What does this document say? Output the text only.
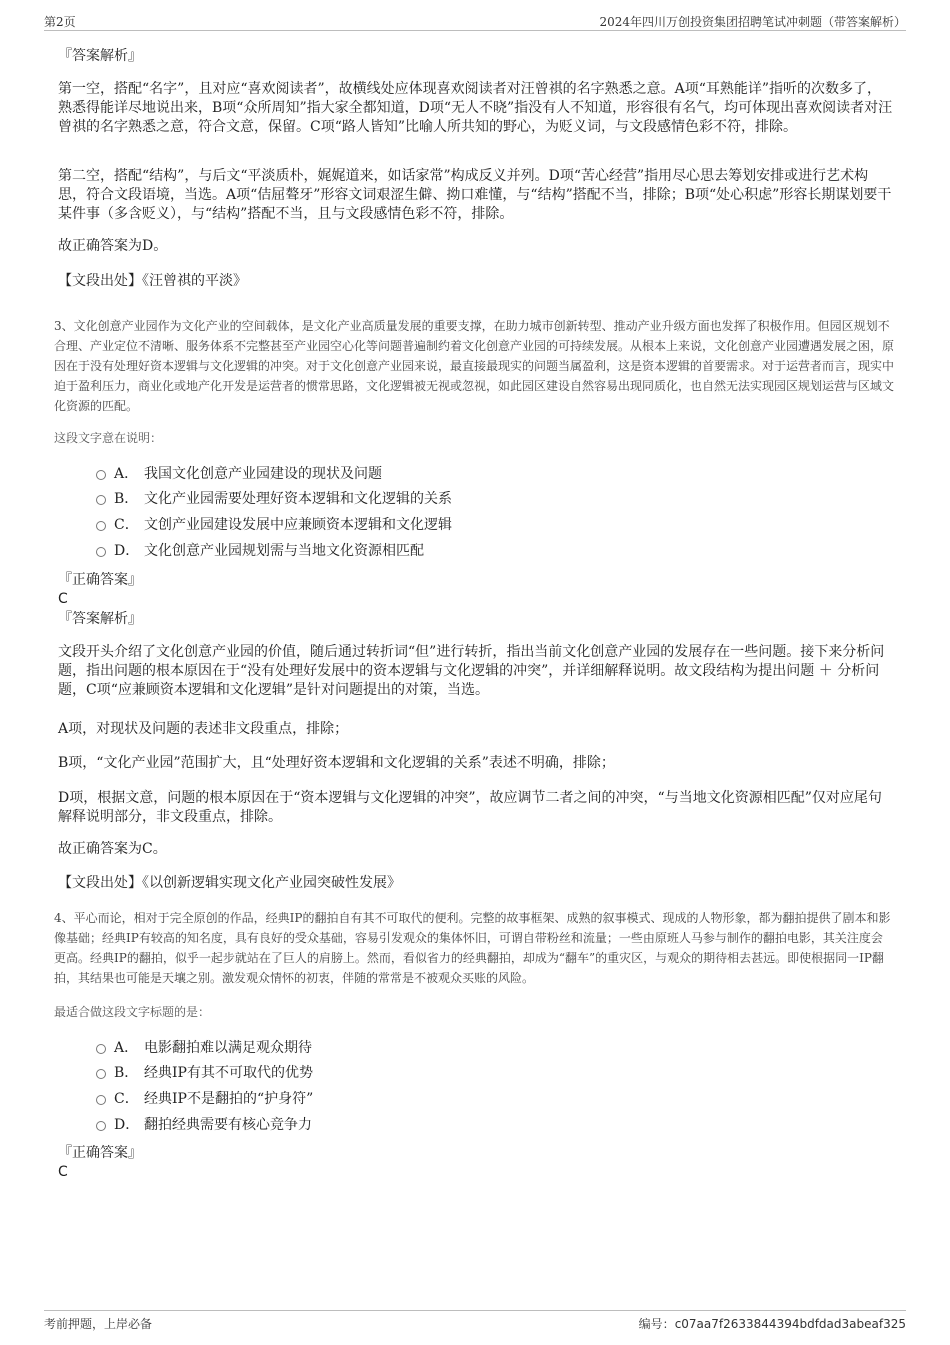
第2页	2024年四川万创投资集团招聘笔试冲刺题（带答案解析）
『答案解析』

第一空，搭配“名字”，且对应“喜欢阅读者”，故横线处应体现喜欢阅读者对汪曾祺的名字熟悉之意。A项“耳熟能详”指听的次数多了，熟悉得能详尽地说出来，B项“众所周知”指大家全都知道，D项“无人不晓”指没有人不知道，形容很有名气，均可体现出喜欢阅读者对汪曾祺的名字熟悉之意，符合文意，保留。C项“路人皆知”比喻人所共知的野心，为贬义词，与文段感情色彩不符，排除。

第二空，搭配“结构”，与后文“平淡质朴，娓娓道来，如话家常”构成反义并列。D项“苦心经营”指用尽心思去筹划安排或进行艺术构思，符合文段语境，当选。A项“佶屈聱牙”形容文词艰涩生僻、拗口难懂，与“结构”搭配不当，排除；B项“处心积虑”形容长期谋划要干某件事（多含贬义），与“结构”搭配不当，且与文段感情色彩不符，排除。

故正确答案为D。

【文段出处】《汪曾祺的平淡》
3、文化创意产业园作为文化产业的空间载体，是文化产业高质量发展的重要支撑，在助力城市创新转型、推动产业升级方面也发挥了积极作用。但园区规划不合理、产业定位不清晰、服务体系不完整甚至产业园空心化等问题普遍制约着文化创意产业园的可持续发展。从根本上来说，文化创意产业园遭遇发展之困，原因在于没有处理好资本逻辑与文化逻辑的冲突。对于文化创意产业园来说，最直接最现实的问题当属盈利，这是资本逻辑的首要需求。对于运营者而言，现实中迫于盈利压力，商业化或地产化开发是运营者的惯常思路，文化逻辑被无视或忽视，如此园区建设自然容易出现同质化，也自然无法实现园区规划运营与区域文化资源的匹配。
这段文字意在说明：
A． 我国文化创意产业园建设的现状及问题
B． 文化产业园需要处理好资本逻辑和文化逻辑的关系
C． 文创产业园建设发展中应兼顾资本逻辑和文化逻辑
D． 文化创意产业园规划需与当地文化资源相匹配
『正确答案』
C
『答案解析』

文段开头介绍了文化创意产业园的价值，随后通过转折词“但”进行转折，指出当前文化创意产业园的发展存在一些问题。接下来分析问题，指出问题的根本原因在于“没有处理好发展中的资本逻辑与文化逻辑的冲突”，并详细解释说明。故文段结构为提出问题 ＋ 分析问题，C项“应兼顾资本逻辑和文化逻辑”是针对问题提出的对策，当选。

A项，对现状及问题的表述非文段重点，排除；

B项，“文化产业园”范围扩大，且“处理好资本逻辑和文化逻辑的关系”表述不明确，排除；

D项，根据文意，问题的根本原因在于“资本逻辑与文化逻辑的冲突”，故应调节二者之间的冲突，“与当地文化资源相匹配”仅对应尾句解释说明部分，非文段重点，排除。

故正确答案为C。

【文段出处】《以创新逻辑实现文化产业园突破性发展》
4、平心而论，相对于完全原创的作品，经典IP的翻拍自有其不可取代的便利。完整的故事框架、成熟的叙事模式、现成的人物形象，都为翻拍提供了剧本和影像基础；经典IP有较高的知名度，具有良好的受众基础，容易引发观众的集体怀旧，可谓自带粉丝和流量；一些由原班人马参与制作的翻拍电影，其关注度会更高。经典IP的翻拍，似乎一起步就站在了巨人的肩膀上。然而，看似省力的经典翻拍，却成为“翻车”的重灾区，与观众的期待相去甚远。即使根据同一IP翻拍，其结果也可能是天壤之别。激发观众情怀的初衷，伴随的常常是不被观众买账的风险。
最适合做这段文字标题的是：
A． 电影翻拍难以满足观众期待
B． 经典IP有其不可取代的优势
C． 经典IP不是翻拍的“护身符”
D． 翻拍经典需要有核心竞争力
『正确答案』
C
考前押题，上岸必备	编号：c07aa7f2633844394bdfdad3abeaf325
